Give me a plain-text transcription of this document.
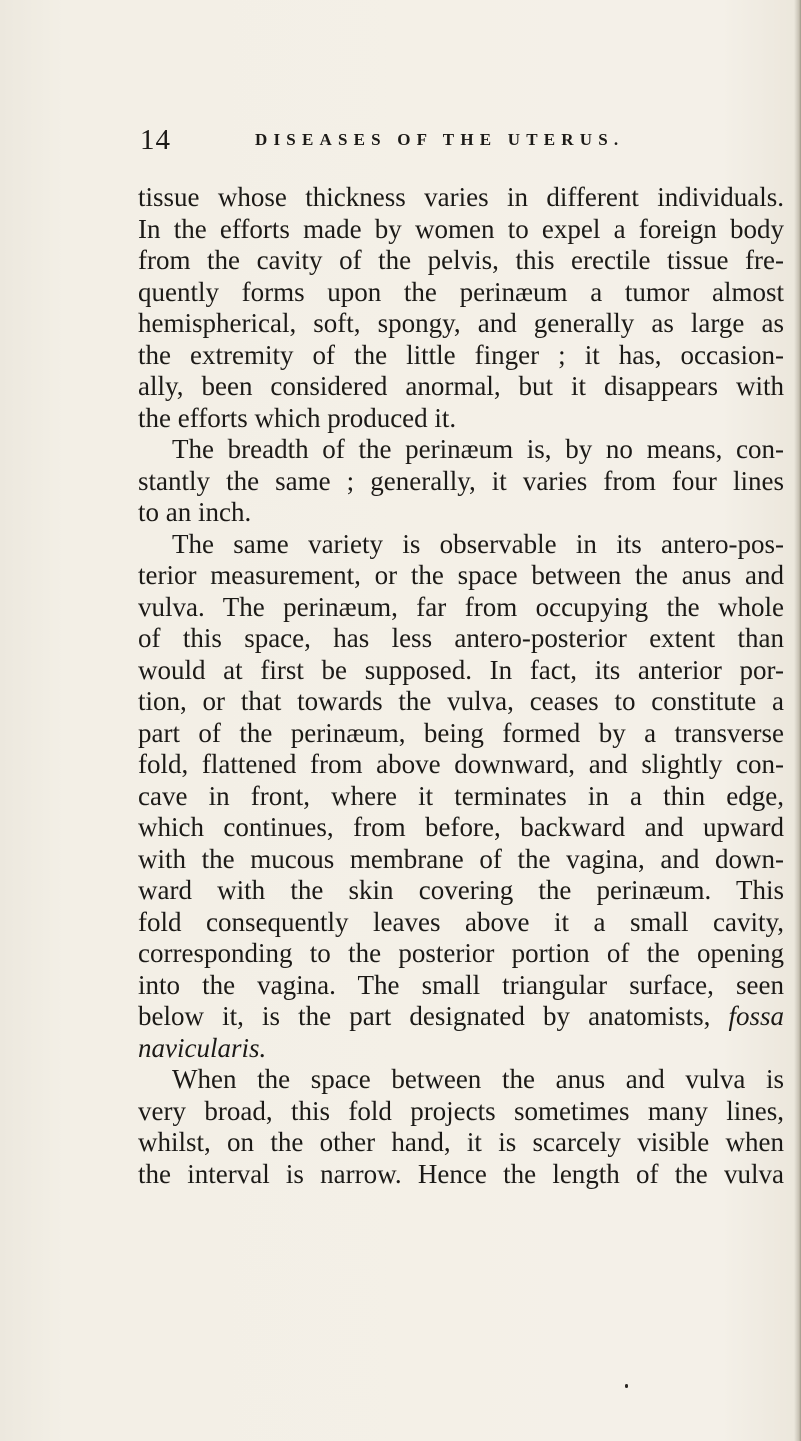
14	DISEASES OF THE UTERUS.

tissue whose thickness varies in different individuals.
In the efforts made by women to expel a foreign body
from the cavity of the pelvis, this erectile tissue fre-
quently forms upon the perinæum a tumor almost
hemispherical, soft, spongy, and generally as large as
the extremity of the little finger ; it has, occasion-
ally, been considered anormal, but it disappears with
the efforts which produced it.

The breadth of the perinæum is, by no means, con-
stantly the same ; generally, it varies from four lines
to an inch.

The same variety is observable in its antero-pos-
terior measurement, or the space between the anus and
vulva. The perinæum, far from occupying the whole
of this space, has less antero-posterior extent than
would at first be supposed. In fact, its anterior por-
tion, or that towards the vulva, ceases to constitute a
part of the perinæum, being formed by a transverse
fold, flattened from above downward, and slightly con-
cave in front, where it terminates in a thin edge,
which continues, from before, backward and upward
with the mucous membrane of the vagina, and down-
ward with the skin covering the perinæum. This
fold consequently leaves above it a small cavity,
corresponding to the posterior portion of the opening
into the vagina. The small triangular surface, seen
below it, is the part designated by anatomists, fossa
navicularis.

When the space between the anus and vulva is
very broad, this fold projects sometimes many lines,
whilst, on the other hand, it is scarcely visible when
the interval is narrow. Hence the length of the vulva
